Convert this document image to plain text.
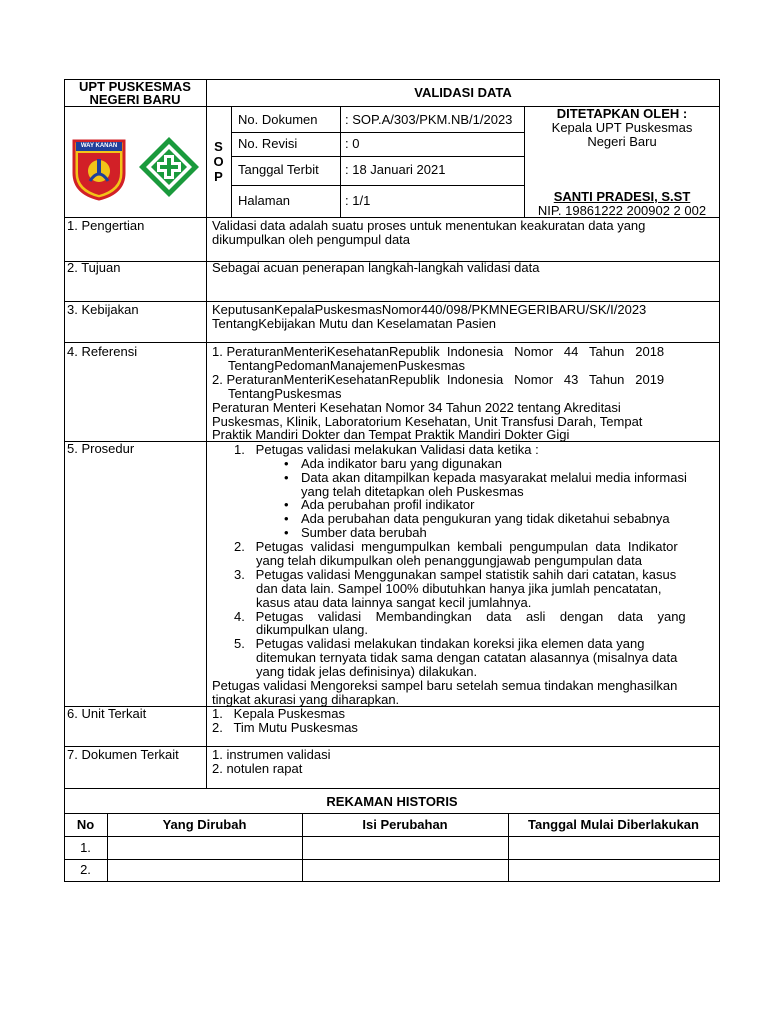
UPT PUSKESMAS
NEGERI BARU	VALIDASI DATA
WAY KANAN	S
O
P
No. Dokumen : SOP.A/303/PKM.NB/1/2023
No. Revisi	: 0
Tanggal Terbit : 18 Januari 2021
Halaman	: 1/1
DITETAPKAN OLEH :
Kepala UPT Puskesmas
Negeri Baru
SANTI PRADESI, S.ST
NIP. 19861222 200902 2 002
1. Pengertian	Validasi data adalah suatu proses untuk menentukan keakuratan data yang
dikumpulkan oleh pengumpul data
2. Tujuan	Sebagai acuan penerapan langkah-langkah validasi data
3. Kebijakan	KeputusanKepalaPuskesmasNomor440/098/PKMNEGERIBARU/SK/I/2023
TentangKebijakan Mutu dan Keselamatan Pasien
4. Referensi	1. PeraturanMenteriKesehatanRepublik  Indonesia   Nomor   44   Tahun   2018
TentangPedomanManajemenPuskesmas
2. PeraturanMenteriKesehatanRepublik  Indonesia   Nomor   43   Tahun   2019
TentangPuskesmas
Peraturan Menteri Kesehatan Nomor 34 Tahun 2022 tentang Akreditasi
Puskesmas, Klinik, Laboratorium Kesehatan, Unit Transfusi Darah, Tempat
Praktik Mandiri Dokter dan Tempat Praktik Mandiri Dokter Gigi
5. Prosedur	1.   Petugas validasi melakukan Validasi data ketika :
• Ada indikator baru yang digunakan
• Data akan ditampilkan kepada masyarakat melalui media informasi
yang telah ditetapkan oleh Puskesmas
• Ada perubahan profil indikator
• Ada perubahan data pengukuran yang tidak diketahui sebabnya
• Sumber data berubah
2.   Petugas  validasi  mengumpulkan  kembali  pengumpulan  data  Indikator
yang telah dikumpulkan oleh penanggungjawab pengumpulan data
3.   Petugas validasi Menggunakan sampel statistik sahih dari catatan, kasus
dan data lain. Sampel 100% dibutuhkan hanya jika jumlah pencatatan,
kasus atau data lainnya sangat kecil jumlahnya.
4.   Petugas    validasi    Membandingkan    data    asli    dengan    data    yang
dikumpulkan ulang.
5.   Petugas validasi melakukan tindakan koreksi jika elemen data yang
ditemukan ternyata tidak sama dengan catatan alasannya (misalnya data
yang tidak jelas definisinya) dilakukan.
Petugas validasi Mengoreksi sampel baru setelah semua tindakan menghasilkan
tingkat akurasi yang diharapkan.
6. Unit Terkait	1.   Kepala Puskesmas
2.   Tim Mutu Puskesmas
7. Dokumen Terkait	1. instrumen validasi
2. notulen rapat
REKAMAN HISTORIS
No	Yang Dirubah	Isi Perubahan	Tanggal Mulai Diberlakukan
1.
2.
